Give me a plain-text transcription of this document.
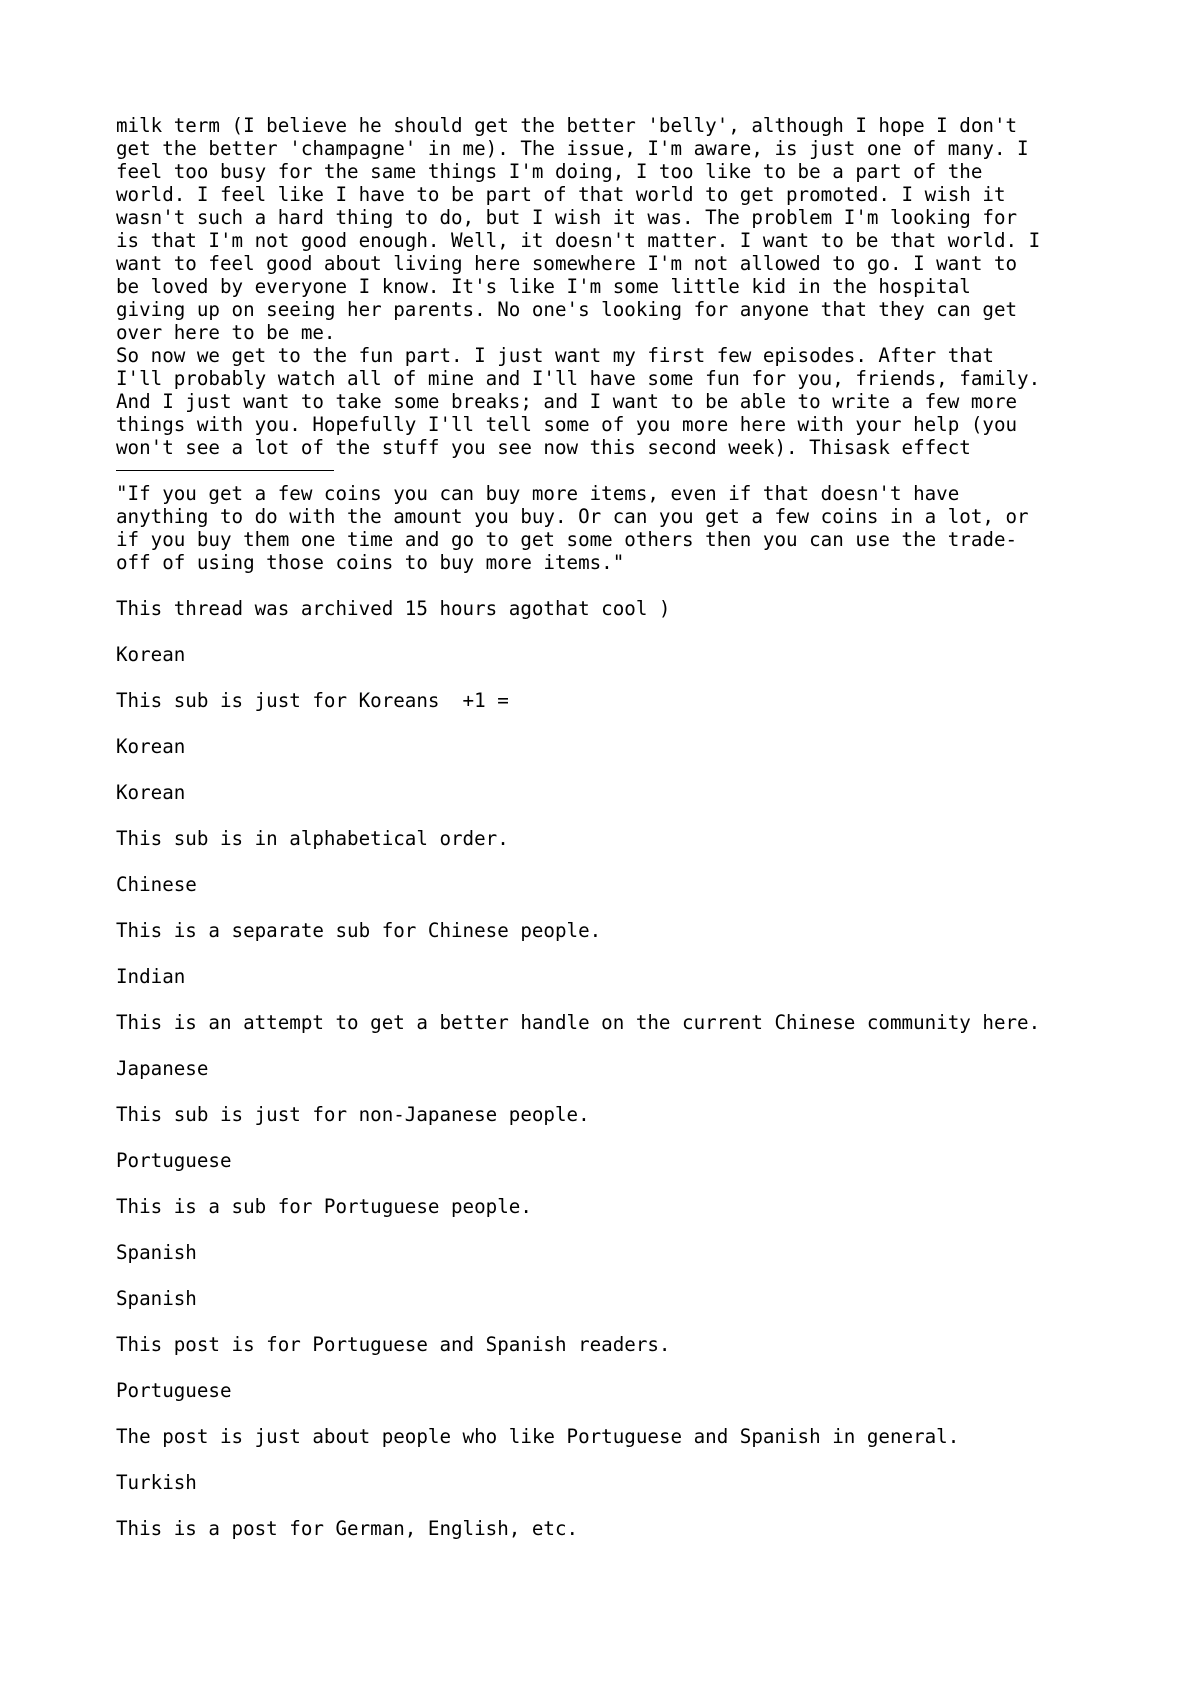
milk term (I believe he should get the better 'belly', although I hope I don't
get the better 'champagne' in me). The issue, I'm aware, is just one of many. I
feel too busy for the same things I'm doing, I too like to be a part of the
world. I feel like I have to be part of that world to get promoted. I wish it
wasn't such a hard thing to do, but I wish it was. The problem I'm looking for
is that I'm not good enough. Well, it doesn't matter. I want to be that world. I
want to feel good about living here somewhere I'm not allowed to go. I want to
be loved by everyone I know. It's like I'm some little kid in the hospital
giving up on seeing her parents. No one's looking for anyone that they can get
over here to be me.

So now we get to the fun part. I just want my first few episodes. After that
I'll probably watch all of mine and I'll have some fun for you, friends, family.
And I just want to take some breaks; and I want to be able to write a few more
things with you. Hopefully I'll tell some of you more here with your help (you
won't see a lot of the stuff you see now this second week). Thisask effect

"If you get a few coins you can buy more items, even if that doesn't have
anything to do with the amount you buy. Or can you get a few coins in a lot, or
if you buy them one time and go to get some others then you can use the trade-
off of using those coins to buy more items."

This thread was archived 15 hours agothat cool )

Korean

This sub is just for Koreans  +1 =

Korean

Korean

This sub is in alphabetical order.

Chinese

This is a separate sub for Chinese people.

Indian

This is an attempt to get a better handle on the current Chinese community here.

Japanese

This sub is just for non-Japanese people.

Portuguese

This is a sub for Portuguese people.

Spanish

Spanish

This post is for Portuguese and Spanish readers.

Portuguese

The post is just about people who like Portuguese and Spanish in general.

Turkish

This is a post for German, English, etc.
